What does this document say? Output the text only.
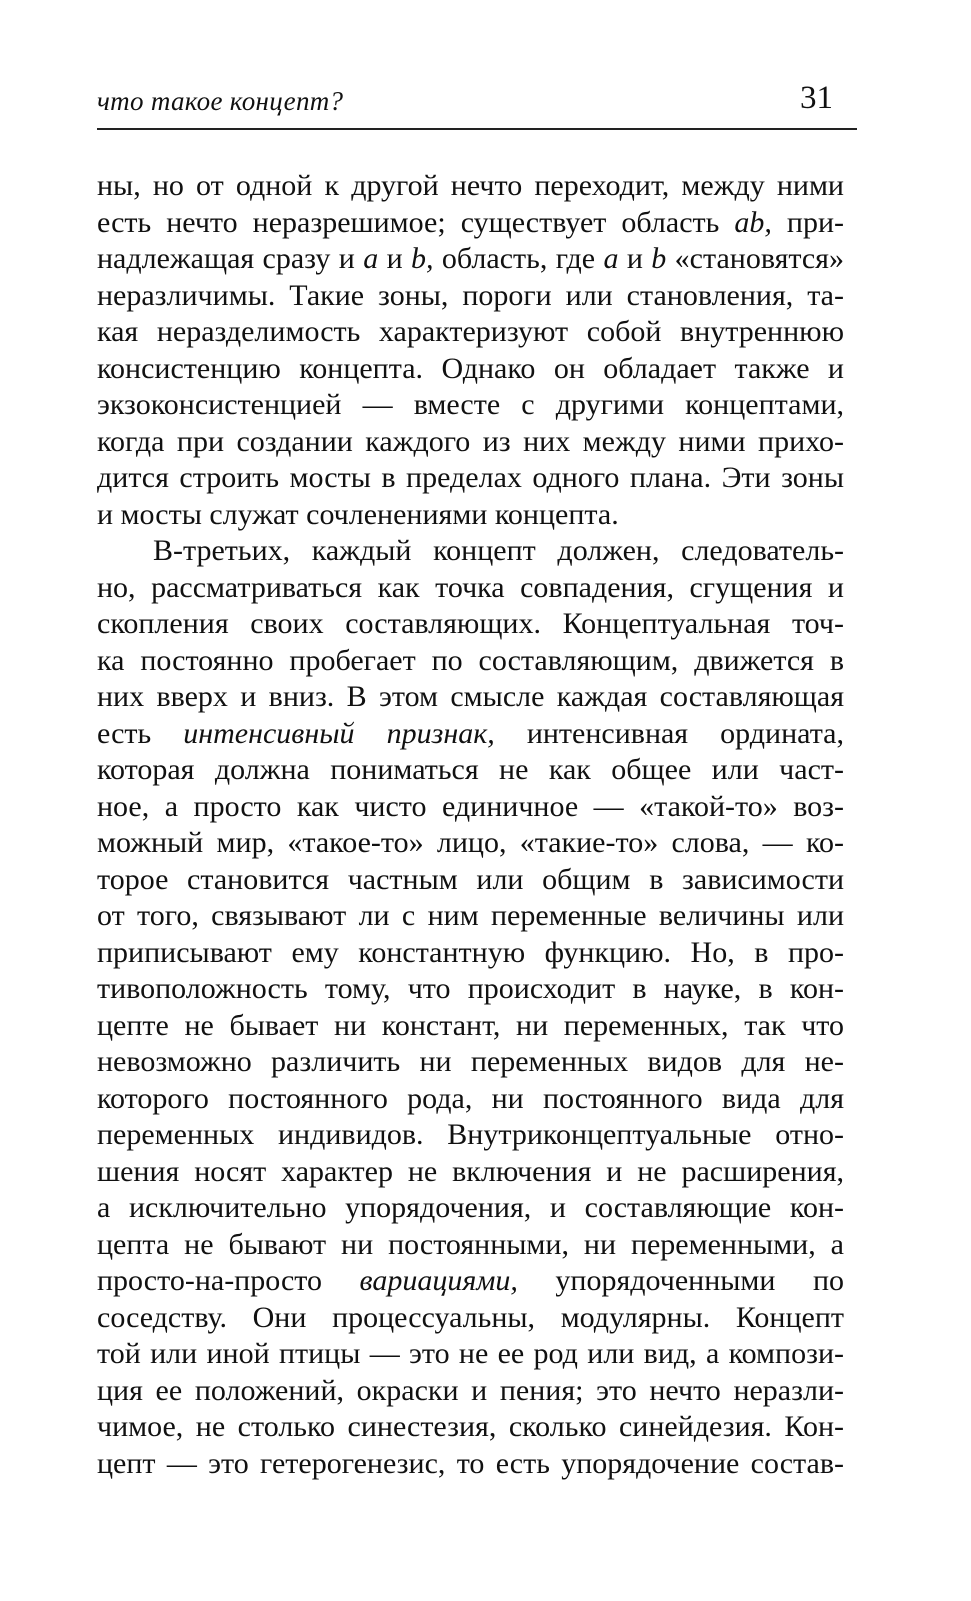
что такое концепт?	31
ны, но от одной к другой нечто переходит, между ними
есть нечто неразрешимое; существует область ab, при-
надлежащая сразу и a и b, область, где a и b «становятся»
неразличимы. Такие зоны, пороги или становления, та-
кая неразделимость характеризуют собой внутреннюю
консистенцию концепта. Однако он обладает также и
экзоконсистенцией — вместе с другими концептами,
когда при создании каждого из них между ними прихо-
дится строить мосты в пределах одного плана. Эти зоны
и мосты служат сочленениями концепта.
В-третьих, каждый концепт должен, следователь-
но, рассматриваться как точка совпадения, сгущения и
скопления своих составляющих. Концептуальная точ-
ка постоянно пробегает по составляющим, движется в
них вверх и вниз. В этом смысле каждая составляющая
есть интенсивный признак, интенсивная ордината,
которая должна пониматься не как общее или част-
ное, а просто как чисто единичное — «такой-то» воз-
можный мир, «такое-то» лицо, «такие-то» слова, — ко-
торое становится частным или общим в зависимости
от того, связывают ли с ним переменные величины или
приписывают ему константную функцию. Но, в про-
тивоположность тому, что происходит в науке, в кон-
цепте не бывает ни констант, ни переменных, так что
невозможно различить ни переменных видов для не-
которого постоянного рода, ни постоянного вида для
переменных индивидов. Внутриконцептуальные отно-
шения носят характер не включения и не расширения,
а исключительно упорядочения, и составляющие кон-
цепта не бывают ни постоянными, ни переменными, а
просто-на-просто вариациями, упорядоченными по
соседству. Они процессуальны, модулярны. Концепт
той или иной птицы — это не ее род или вид, а компози-
ция ее положений, окраски и пения; это нечто неразли-
чимое, не столько синестезия, сколько синейдезия. Кон-
цепт — это гетерогенезис, то есть упорядочение состав-
